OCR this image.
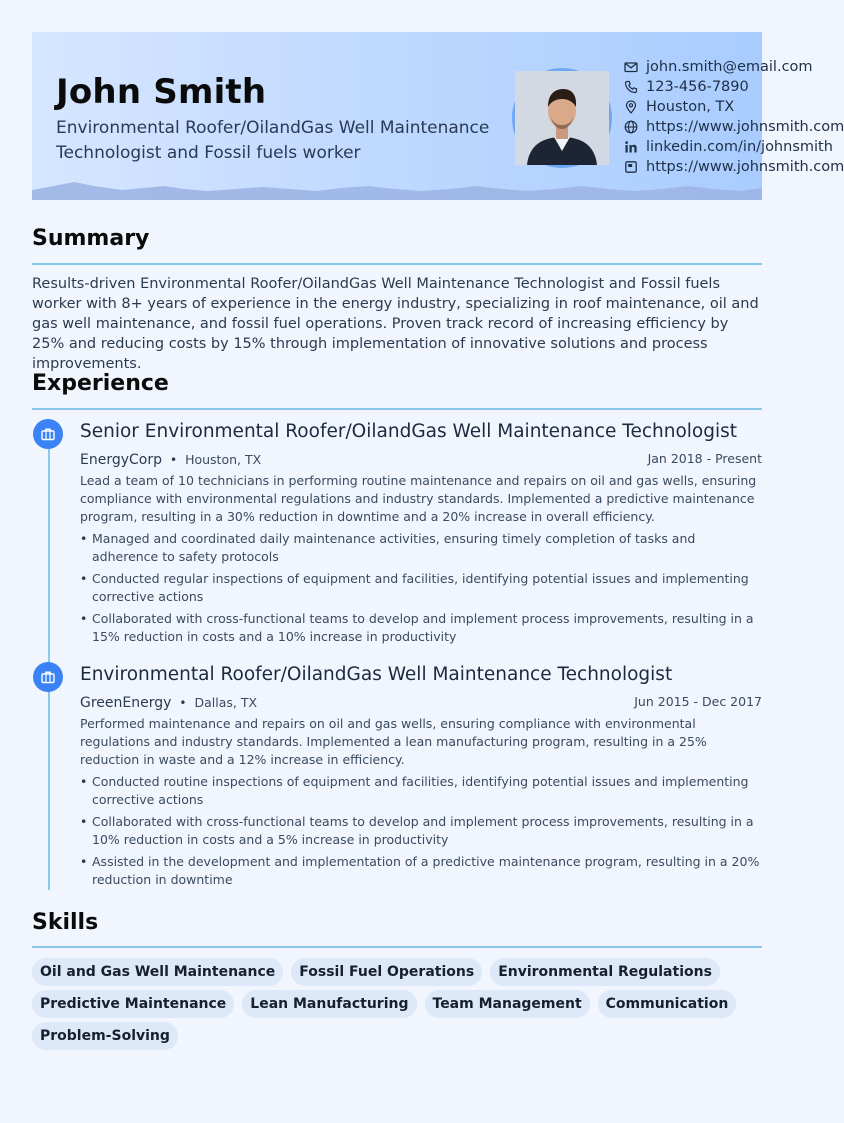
John Smith
Environmental Roofer/OilandGas Well Maintenance Technologist and Fossil fuels worker
john.smith@email.com
123-456-7890
Houston, TX
https://www.johnsmith.com
linkedin.com/in/johnsmith
https://www.johnsmith.com
Summary
Results-driven Environmental Roofer/OilandGas Well Maintenance Technologist and Fossil fuels worker with 8+ years of experience in the energy industry, specializing in roof maintenance, oil and gas well maintenance, and fossil fuel operations. Proven track record of increasing efficiency by 25% and reducing costs by 15% through implementation of innovative solutions and process improvements.
Experience
Senior Environmental Roofer/OilandGas Well Maintenance Technologist
EnergyCorp • Houston, TX	Jan 2018 - Present
Lead a team of 10 technicians in performing routine maintenance and repairs on oil and gas wells, ensuring compliance with environmental regulations and industry standards. Implemented a predictive maintenance program, resulting in a 30% reduction in downtime and a 20% increase in overall efficiency.
• Managed and coordinated daily maintenance activities, ensuring timely completion of tasks and adherence to safety protocols
• Conducted regular inspections of equipment and facilities, identifying potential issues and implementing corrective actions
• Collaborated with cross-functional teams to develop and implement process improvements, resulting in a 15% reduction in costs and a 10% increase in productivity
Environmental Roofer/OilandGas Well Maintenance Technologist
GreenEnergy • Dallas, TX	Jun 2015 - Dec 2017
Performed maintenance and repairs on oil and gas wells, ensuring compliance with environmental regulations and industry standards. Implemented a lean manufacturing program, resulting in a 25% reduction in waste and a 12% increase in efficiency.
• Conducted routine inspections of equipment and facilities, identifying potential issues and implementing corrective actions
• Collaborated with cross-functional teams to develop and implement process improvements, resulting in a 10% reduction in costs and a 5% increase in productivity
• Assisted in the development and implementation of a predictive maintenance program, resulting in a 20% reduction in downtime
Skills
Oil and Gas Well Maintenance	Fossil Fuel Operations	Environmental Regulations
Predictive Maintenance	Lean Manufacturing	Team Management	Communication
Problem-Solving
